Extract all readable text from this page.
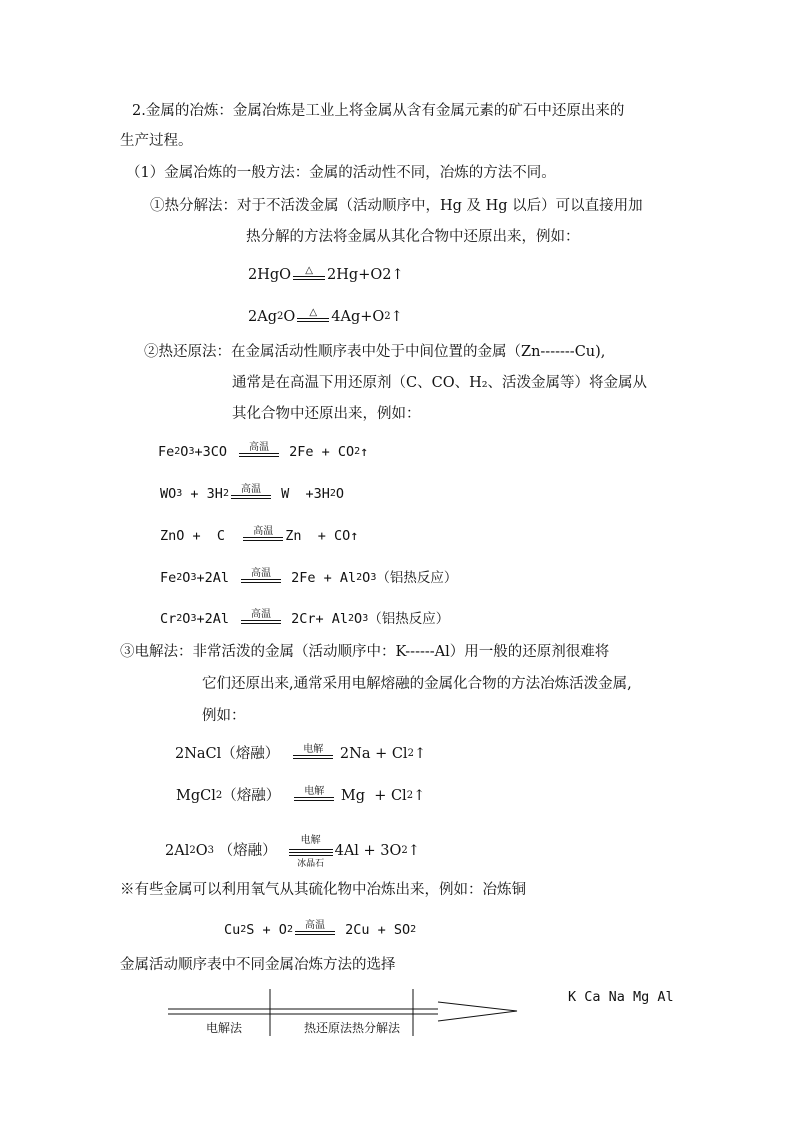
2.金属的冶炼：金属冶炼是工业上将金属从含有金属元素的矿石中还原出来的
生产过程。
（1）金属冶炼的一般方法：金属的活动性不同，冶炼的方法不同。
①热分解法：对于不活泼金属（活动顺序中，Hg 及 Hg 以后）可以直接用加
热分解的方法将金属从其化合物中还原出来，例如：
2HgO △ 2Hg+O2↑
2Ag 2 O △ 4Ag+O 2 ↑
②热还原法：在金属活动性顺序表中处于中间位置的金属（Zn-------Cu),
通常是在高温下用还原剂（C、CO、H₂、活泼金属等）将金属从
其化合物中还原出来，例如：
Fe 2 O 3 +3CO 高温 2Fe + CO 2 ↑
WO 3 + 3H 2 高温 W  +3H 2 O
ZnO +  C 高温 Zn  + CO↑
Fe 2 O 3 +2Al 高温 2Fe + Al 2 O 3 （铝热反应）
Cr 2 O 3 +2Al 高温 2Cr+ Al 2 O 3 （铝热反应）
③电解法：非常活泼的金属（活动顺序中：K------Al）用一般的还原剂很难将
它们还原出来,通常采用电解熔融的金属化合物的方法冶炼活泼金属,
例如：
2NaCl（熔融） 电解 2Na + Cl 2 ↑
MgCl 2 （熔融） 电解 Mg  + Cl 2 ↑
2Al 2 O 3 （熔融）
电解
冰晶石
4Al + 3O 2 ↑
※有些金属可以利用氧气从其硫化物中冶炼出来，例如：冶炼铜
Cu 2 S + O 2 高温 2Cu + SO 2
金属活动顺序表中不同金属冶炼方法的选择
K Ca Na Mg Al
电解法	热还原法热分解法
